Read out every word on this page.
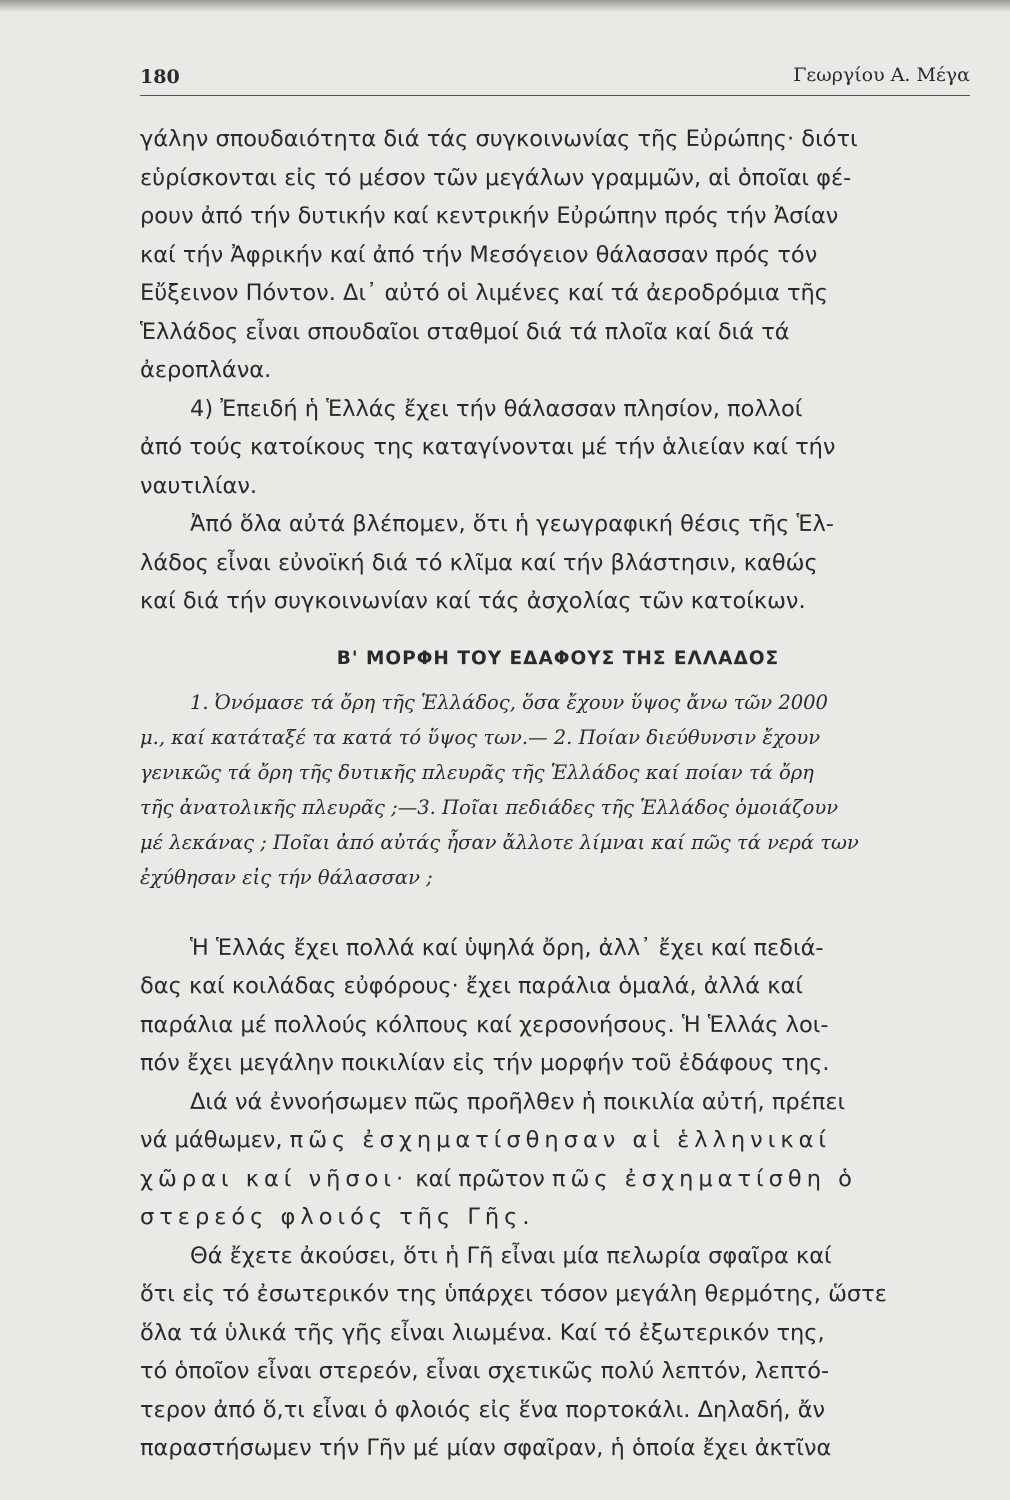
180	Γεωργίου Α. Μέγα

γάλην σπουδαιότητα διά τάς συγκοινωνίας τῆς Εὐρώπης· διότι

εὑρίσκονται εἰς τό μέσον τῶν μεγάλων γραμμῶν, αἱ ὁποῖαι φέ-

ρουν ἀπό τήν δυτικήν καί κεντρικήν Εὐρώπην πρός τήν Ἀσίαν

καί τήν Ἀφρικήν καί ἀπό τήν Μεσόγειον θάλασσαν πρός τόν

Εὔξεινον Πόντον. Δι᾽ αὐτό οἱ λιμένες καί τά ἀεροδρόμια τῆς

Ἑλλάδος εἶναι σπουδαῖοι σταθμοί διά τά πλοῖα καί διά τά

ἀεροπλάνα.

4) Ἐπειδή ἡ Ἑλλάς ἔχει τήν θάλασσαν πλησίον, πολλοί

ἀπό τούς κατοίκους της καταγίνονται μέ τήν ἁλιείαν καί τήν

ναυτιλίαν.

Ἀπό ὅλα αὐτά βλέπομεν, ὅτι ἡ γεωγραφική θέσις τῆς Ἑλ-

λάδος εἶναι εὐνοϊκή διά τό κλῖμα καί τήν βλάστησιν, καθώς

καί διά τήν συγκοινωνίαν καί τάς ἀσχολίας τῶν κατοίκων.

Β' ΜΟΡΦΗ ΤΟΥ ΕΔΑΦΟΥΣ ΤΗΣ ΕΛΛΑΔΟΣ

1. Ὀνόμασε τά ὄρη τῆς Ἑλλάδος, ὅσα ἔχουν ὕψος ἄνω τῶν 2000

μ., καί κατάταξέ τα κατά τό ὕψος των.— 2. Ποίαν διεύθυνσιν ἔχουν

γενικῶς τά ὄρη τῆς δυτικῆς πλευρᾶς τῆς Ἑλλάδος καί ποίαν τά ὄρη

τῆς ἀνατολικῆς πλευρᾶς ;—3. Ποῖαι πεδιάδες τῆς Ἑλλάδος ὁμοιάζουν

μέ λεκάνας ; Ποῖαι ἀπό αὐτάς ἦσαν ἄλλοτε λίμναι καί πῶς τά νερά των

ἐχύθησαν εἰς τήν θάλασσαν ;

Ἡ Ἑλλάς ἔχει πολλά καί ὑψηλά ὄρη, ἀλλ᾽ ἔχει καί πεδιά-

δας καί κοιλάδας εὐφόρους· ἔχει παράλια ὁμαλά, ἀλλά καί

παράλια μέ πολλούς κόλπους καί χερσονήσους. Ἡ Ἑλλάς λοι-

πόν ἔχει μεγάλην ποικιλίαν εἰς τήν μορφήν τοῦ ἐδάφους της.

Διά νά ἐννοήσωμεν πῶς προῆλθεν ἡ ποικιλία αὐτή, πρέπει

νά μάθωμεν, πῶς ἐσχηματίσθησαν αἱ ἑλληνικαί

χῶραι καί νῆσοι· καί πρῶτον πῶς ἐσχηματίσθη ὁ

στερεός φλοιός τῆς Γῆς.

Θά ἔχετε ἀκούσει, ὅτι ἡ Γῆ εἶναι μία πελωρία σφαῖρα καί

ὅτι εἰς τό ἐσωτερικόν της ὑπάρχει τόσον μεγάλη θερμότης, ὥστε

ὅλα τά ὑλικά τῆς γῆς εἶναι λιωμένα. Καί τό ἐξωτερικόν της,

τό ὁποῖον εἶναι στερεόν, εἶναι σχετικῶς πολύ λεπτόν, λεπτό-

τερον ἀπό ὅ,τι εἶναι ὁ φλοιός εἰς ἕνα πορτοκάλι. Δηλαδή, ἄν

παραστήσωμεν τήν Γῆν μέ μίαν σφαῖραν, ἡ ὁποία ἔχει ἀκτῖνα
